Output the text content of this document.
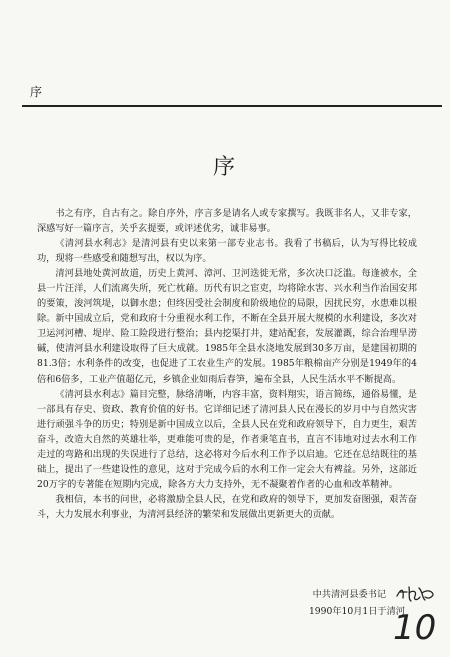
序
序

书之有序，自古有之。除自序外，序言多是请名人或专家撰写。我既非名人，又非专家，深感写好一篇序言，关乎玄提要，或评述优劣，诚非易事。

《清河县水利志》是清河县有史以来第一部专业志书。我看了书稿后，认为写得比较成功，现将一些感受和随想写出，权以为序。

清河县地处黄河故道，历史上黄河、漳河、卫河迭徙无常，多次决口泛滥。每逢被水，全县一片汪洋，人们流离失所，死亡枕藉。历代有识之宦吏，均将除水害、兴水利当作治国安邦的要策，浚河筑堤，以御水患；但终因受社会制度和阶级地位的局限，因扰民穷，水患难以根除。新中国成立后，党和政府十分重视水利工作，不断在全县开展大规模的水利建设，多次对卫运河河槽、堤岸、险工险段进行整治；县内挖渠打井，建站配套，发展灌溉，综合治理旱涝碱，使清河县水利建设取得了巨大成就。1985年全县水浇地发展到30多万亩，是建国初期的81.3倍；水利条件的改变，也促进了工农业生产的发展。1985年粮棉亩产分别是1949年的4倍和6倍多，工业产值超亿元，乡镇企业如雨后春笋，遍布全县，人民生活水平不断提高。

《清河县水利志》篇目完整，脉络清晰，内容丰富，资料翔实，语言简练，通俗易懂，是一部具有存史、资政、教育价值的好书。它详细记述了清河县人民在漫长的岁月中与自然灾害进行顽强斗争的历史；特别是新中国成立以后，全县人民在党和政府领导下，自力更生，艰苦奋斗，改造大自然的英雄壮举，更难能可贵的是，作者秉笔直书，直言不讳地对过去水利工作走过的弯路和出现的失误进行了总结，这必将对今后水利工作予以启迪。它还在总结既往的基础上，提出了一些建设性的意见，这对于完成今后的水利工作一定会大有裨益。另外，这部近20万字的专著能在短期内完成，除各方大力支持外，无不凝聚着作者的心血和改革精神。

我相信，本书的问世，必将激励全县人民，在党和政府的领导下，更加发奋图强，艰苦奋斗，大力发展水利事业，为清河县经济的繁荣和发展做出更新更大的贡献。

中共清河县委书记
1990年10月1日于清河
10
